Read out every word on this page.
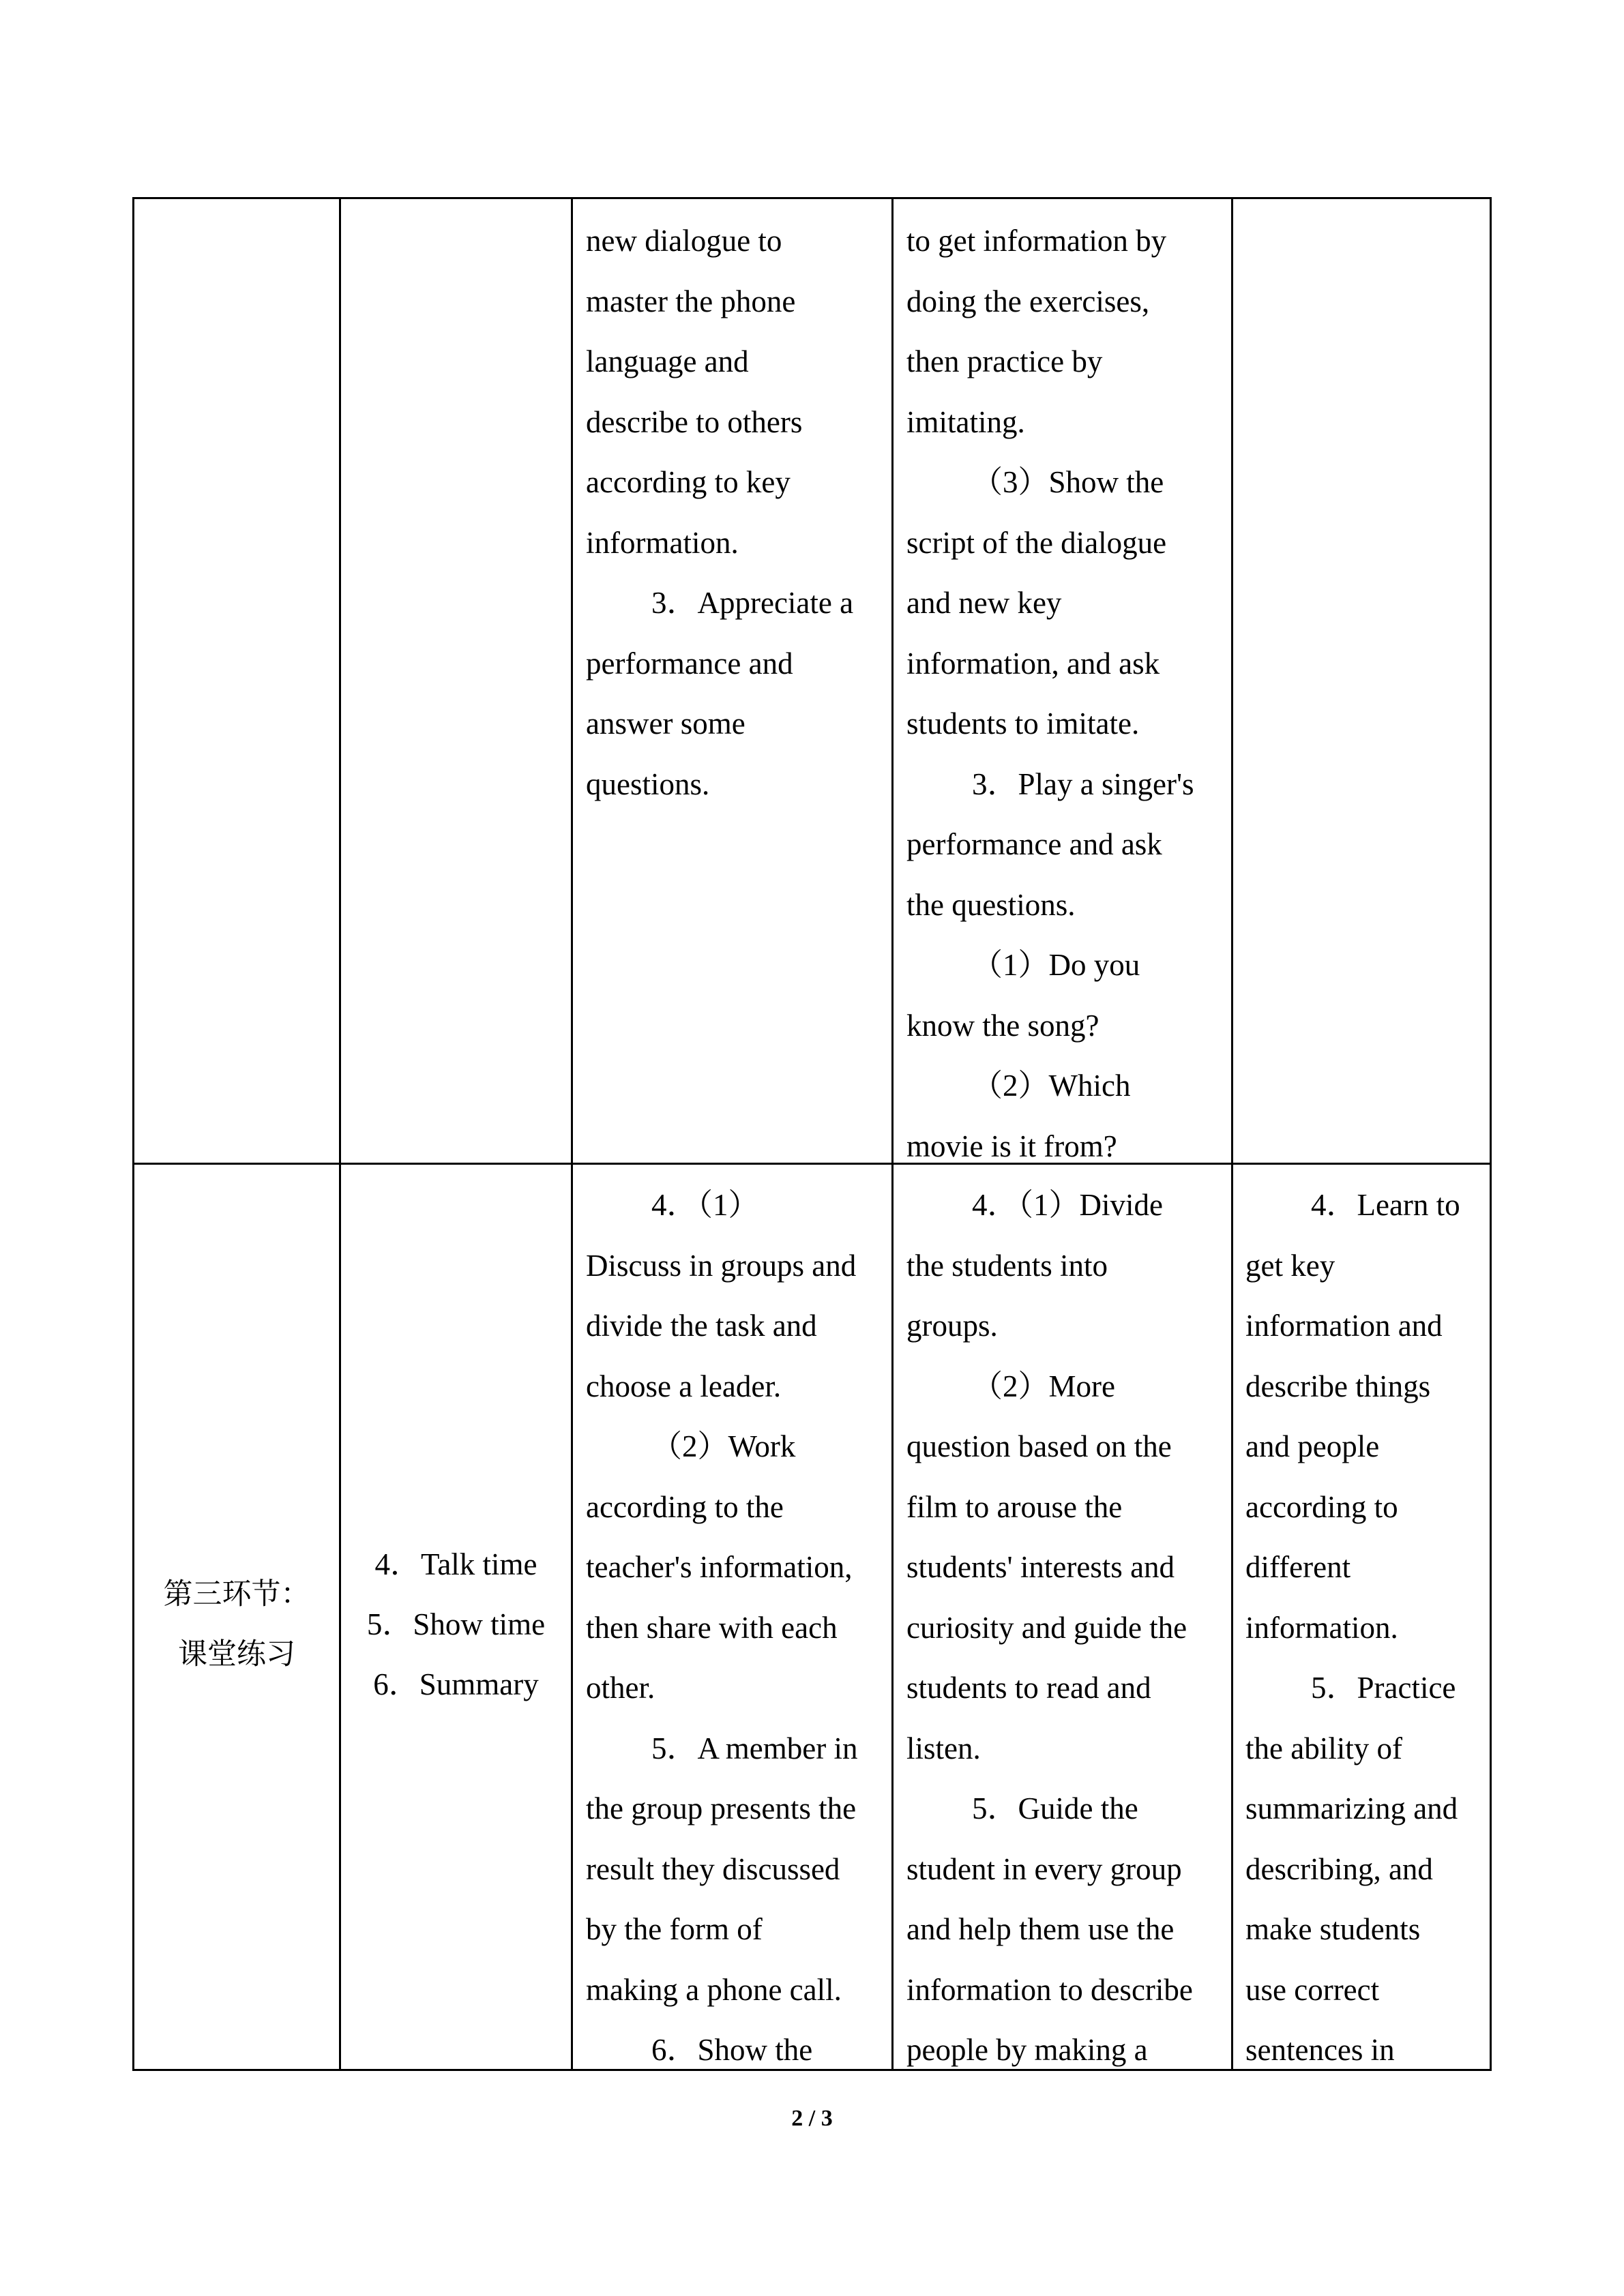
new dialogue to
master the phone
language and
describe to others
according to key
information.
3．Appreciate a
performance and
answer some
questions.
to get information by
doing the exercises,
then practice by
imitating.
（3）Show the
script of the dialogue
and new key
information, and ask
students to imitate.
3．Play a singer's
performance and ask
the questions.
（1）Do you
know the song?
（2）Which
movie is it from?
第三环节：
课堂练习
4．Talk time
5．Show time
6．Summary
4．（1）
Discuss in groups and
divide the task and
choose a leader.
（2）Work
according to the
teacher's information,
then share with each
other.
5．A member in
the group presents the
result they discussed
by the form of
making a phone call.
6．Show the
4．（1）Divide
the students into
groups.
（2）More
question based on the
film to arouse the
students' interests and
curiosity and guide the
students to read and
listen.
5．Guide the
student in every group
and help them use the
information to describe
people by making a
4．Learn to
get key
information and
describe things
and people
according to
different
information.
5．Practice
the ability of
summarizing and
describing, and
make students
use correct
sentences in
2 / 3
